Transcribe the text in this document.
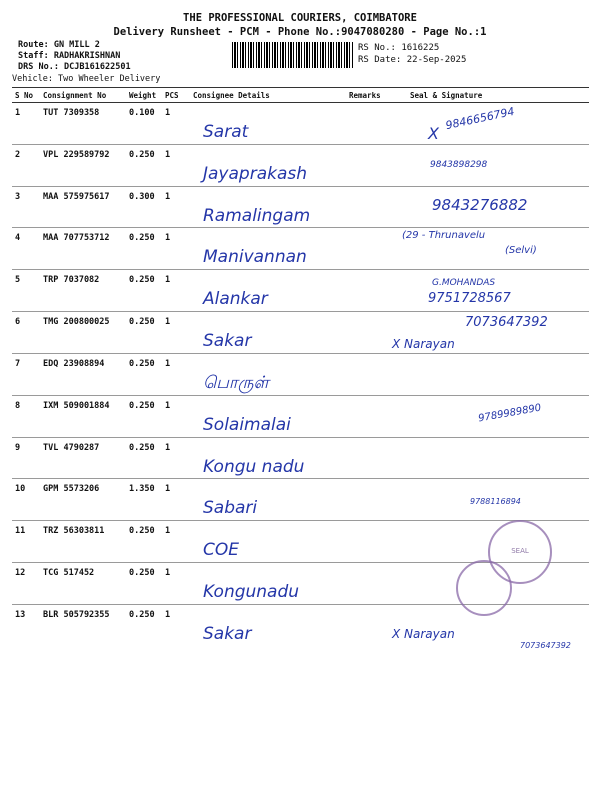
THE PROFESSIONAL COURIERS, COIMBATORE
Delivery Runsheet - PCM - Phone No.:9047080280 - Page No.:1
Route: GN MILL 2
Staff: RADHAKRISHNAN
DRS No.: DCJB161622501
Vehicle: Two Wheeler Delivery
RS No.: 1616225
RS Date: 22-Sep-2025
S No	Consignment No	Weight	PCS	Consignee Details	Remarks	Seal & Signature
1	TUT 7309358	0.100	1	Sarat		

2	VPL 229589792	0.250	1	Jayaprakash		

3	MAA 575975617	0.300	1	Ramalingam		

4	MAA 707753712	0.250	1	Manivannan		

5	TRP 7037082	0.250	1	Alankar		

6	TMG 200800025	0.250	1	Sakar		

7	EDQ 23908894	0.250	1	பொருள்		

8	IXM 509001884	0.250	1	Solaimalai		

9	TVL 4790287	0.250	1	Kongu nadu		

10	GPM 5573206	1.350	1	Sabari		

11	TRZ 56303811	0.250	1	COE		

12	TCG 517452	0.250	1	Kongunadu		

13	BLR 505792355	0.250	1	Sakar		

9846656794
X
9843898298
9843276882
(29 - Thrunavelu
(Selvi)
G.MOHANDAS
9751728567
7073647392
X Narayan
9789989890
9788116894
X Narayan
7073647392
SEAL
